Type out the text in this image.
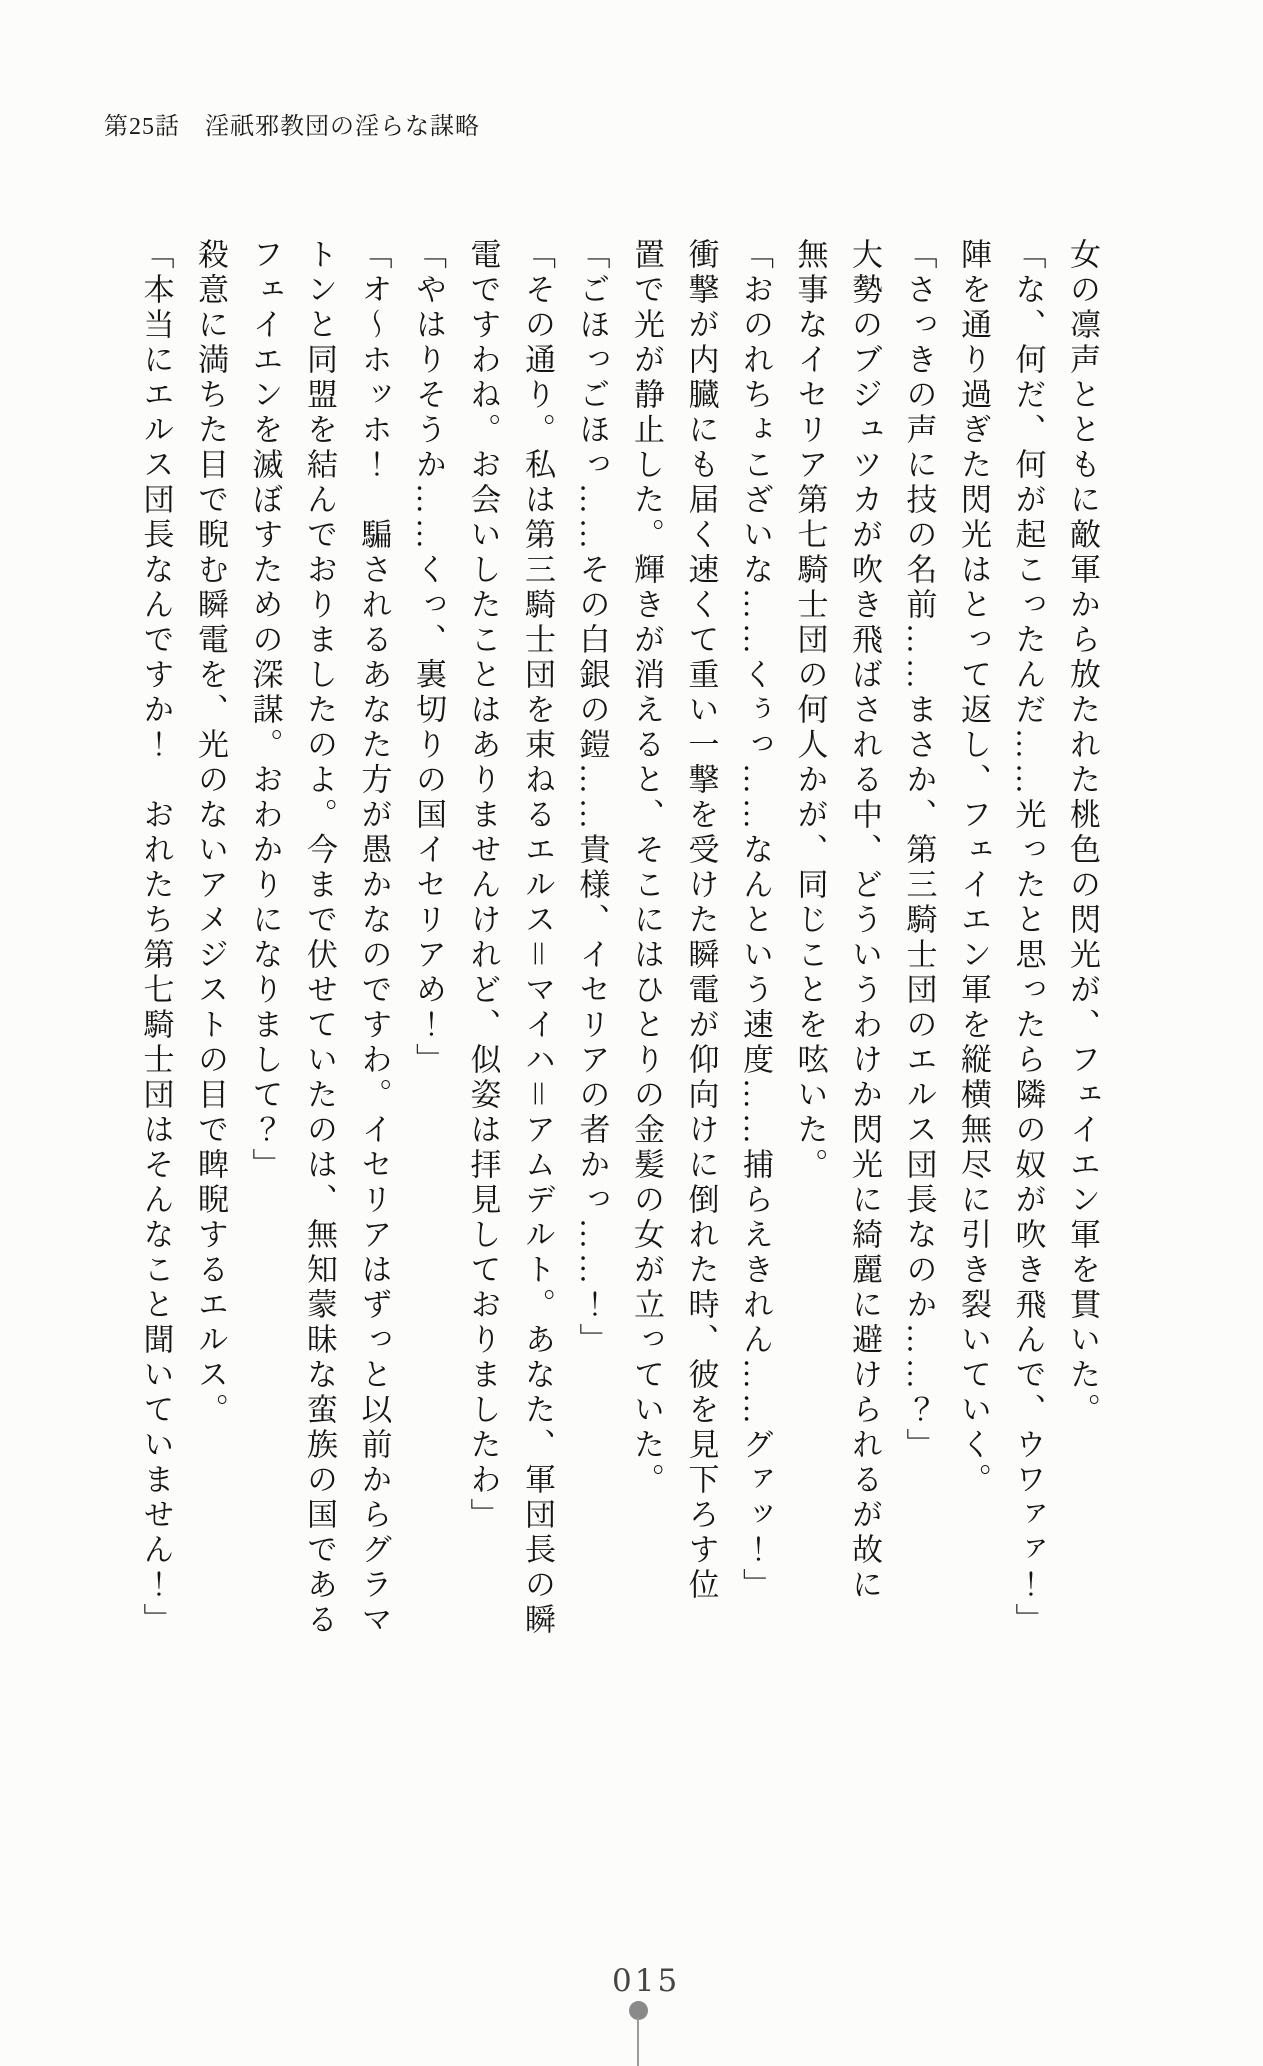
第25話　淫祇邪教団の淫らな謀略

女の凛声とともに敵軍から放たれた桃色の閃光が、フェイエン軍を貫いた。

「な、何だ、何が起こったんだ……光ったと思ったら隣の奴が吹き飛んで、ウワァァ！」

陣を通り過ぎた閃光はとって返し、フェイエン軍を縦横無尽に引き裂いていく。

「さっきの声に技の名前……まさか、第三騎士団のエルス団長なのか……？」

大勢のブジュツカが吹き飛ばされる中、どういうわけか閃光に綺麗に避けられるが故に

無事なイセリア第七騎士団の何人かが、同じことを呟いた。

「おのれちょこざいな……くぅっ……なんという速度……捕らえきれん……グァッ！」

衝撃が内臓にも届く速くて重い一撃を受けた瞬電が仰向けに倒れた時、彼を見下ろす位

置で光が静止した。輝きが消えると、そこにはひとりの金髪の女が立っていた。

「ごほっごほっ……その白銀の鎧……貴様、イセリアの者かっ……！」

「その通り。私は第三騎士団を束ねるエルス＝マイハ＝アムデルト。あなた、軍団長の瞬

電ですわね。お会いしたことはありませんけれど、似姿は拝見しておりましたわ」

「やはりそうか……くっ、裏切りの国イセリアめ！」

「オ〜ホッホ！　騙されるあなた方が愚かなのですわ。イセリアはずっと以前からグラマ

トンと同盟を結んでおりましたのよ。今まで伏せていたのは、無知蒙昧な蛮族の国である

フェイエンを滅ぼすための深謀。おわかりになりまして？」

殺意に満ちた目で睨む瞬電を、光のないアメジストの目で睥睨するエルス。

「本当にエルス団長なんですか！　おれたち第七騎士団はそんなこと聞いていません！」

015
